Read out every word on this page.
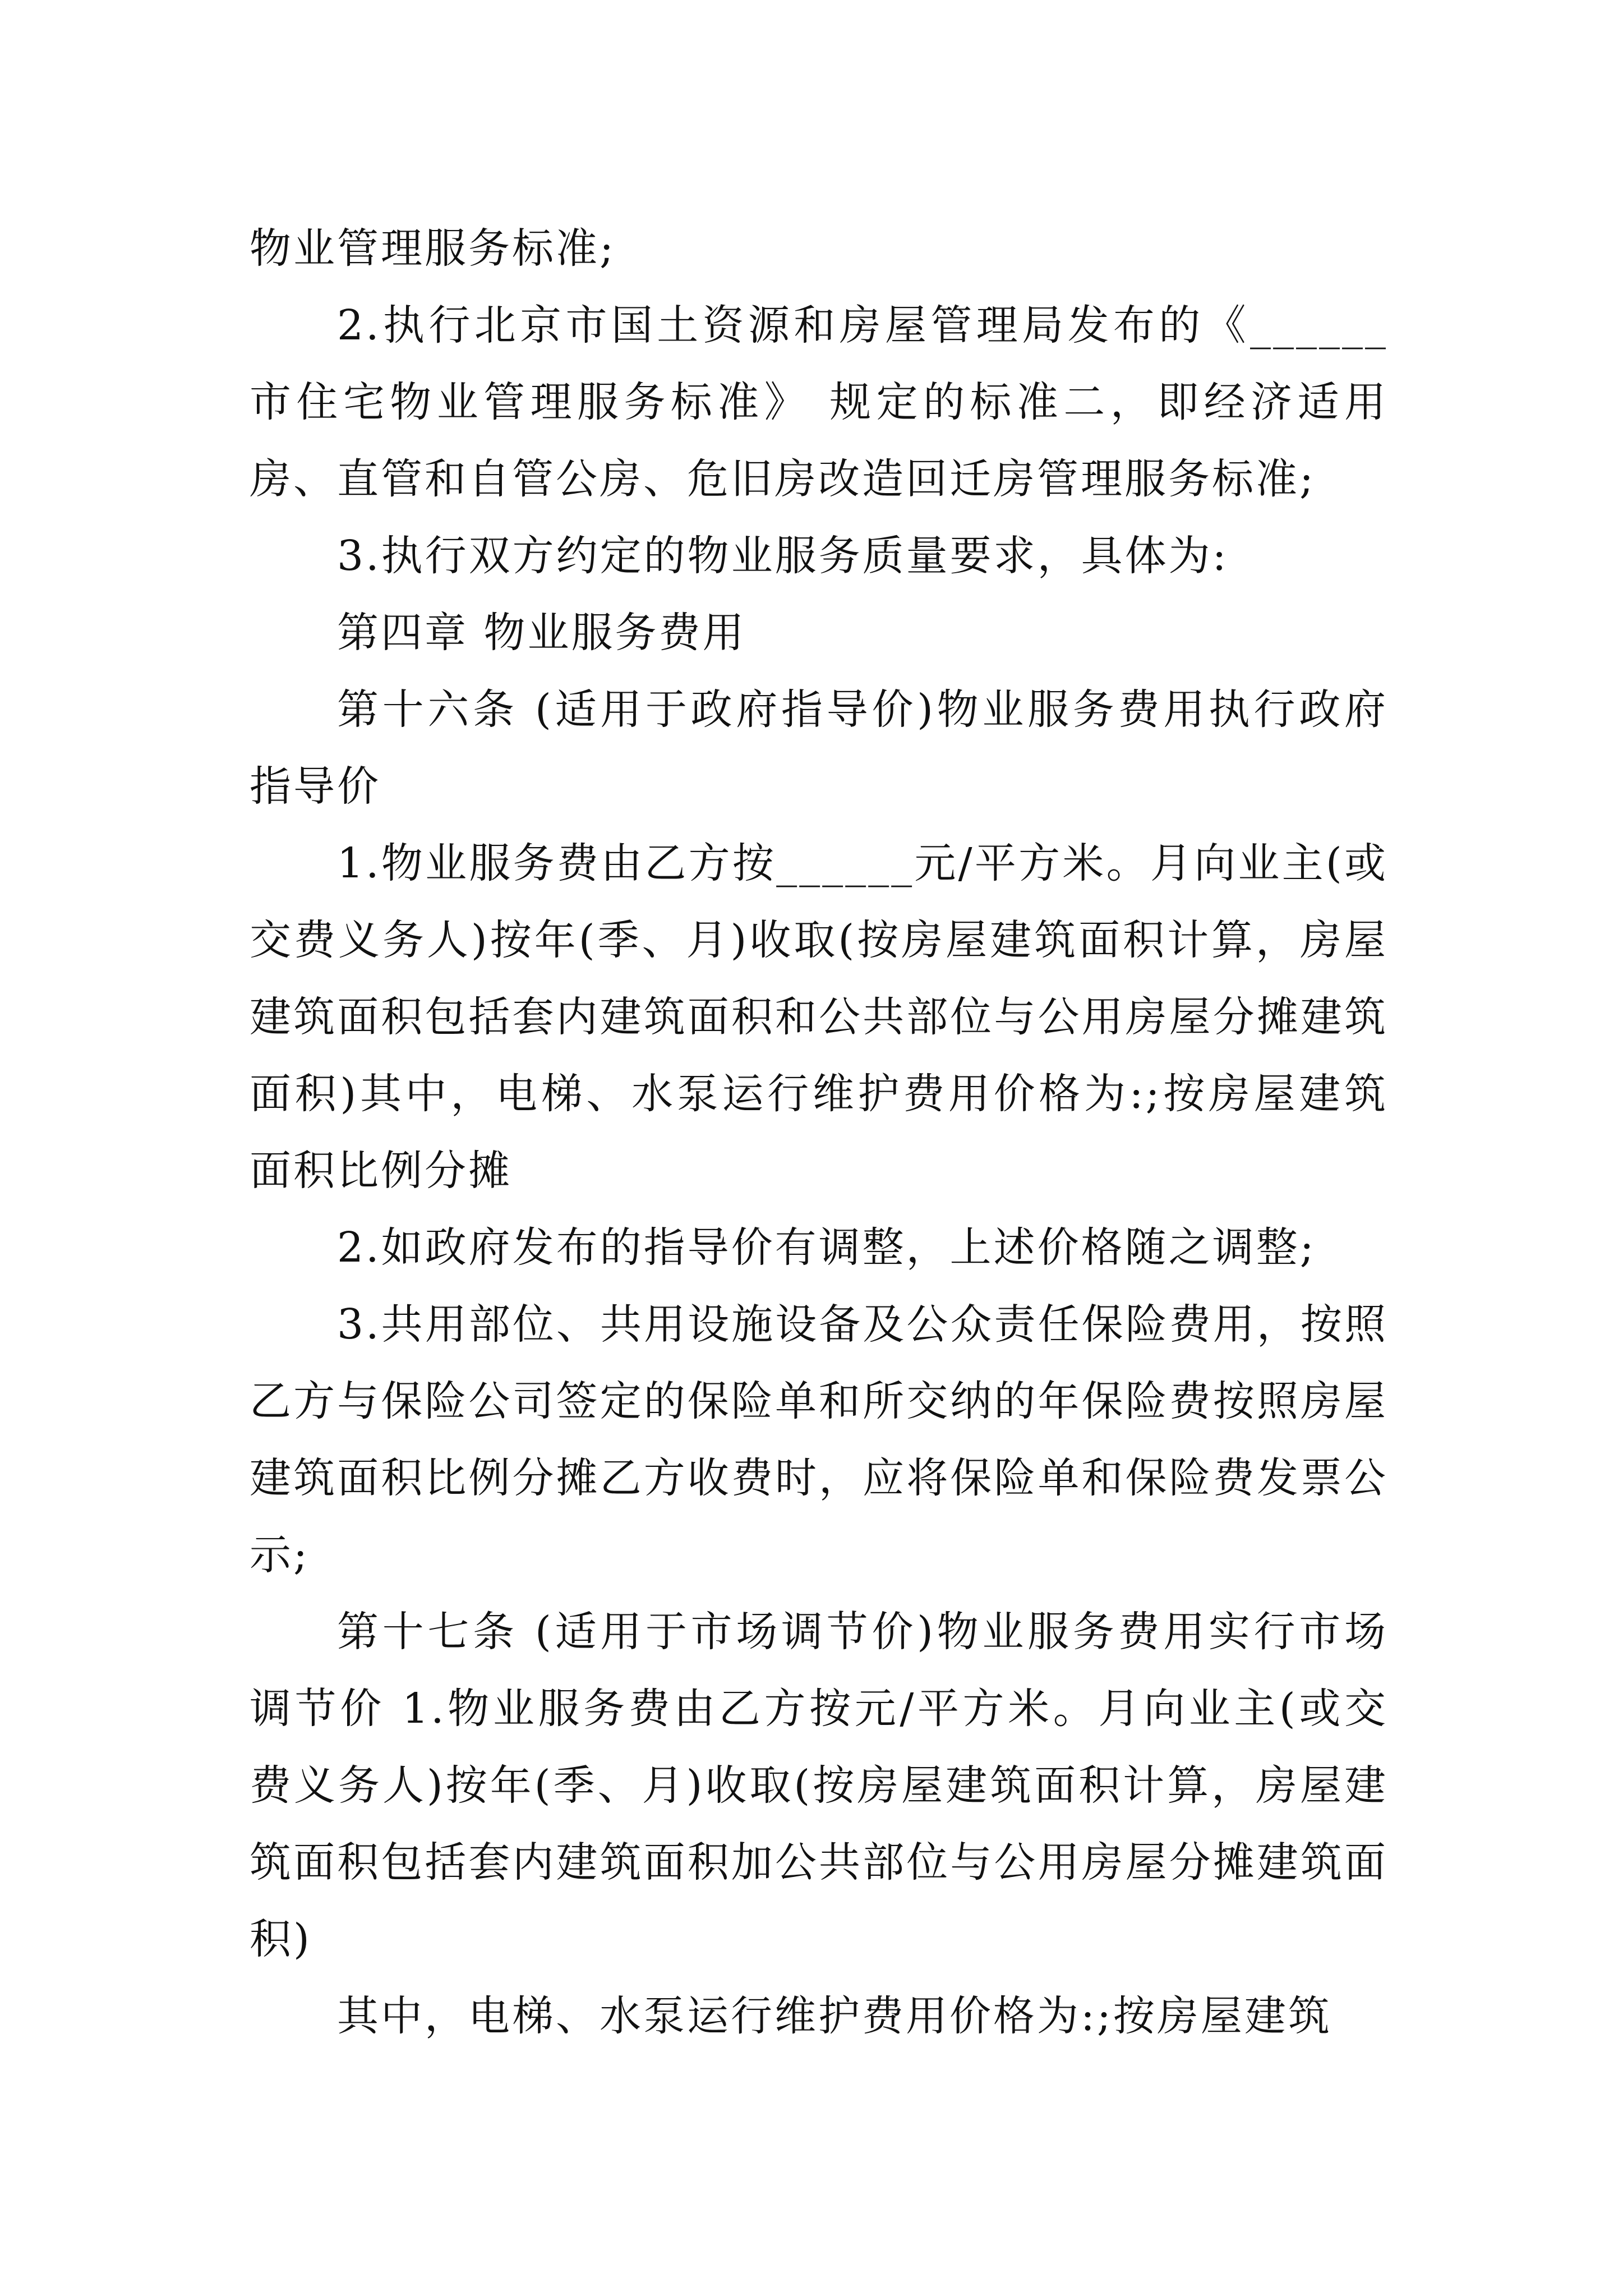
物业管理服务标准;

2.执行北京市国土资源和房屋管理局发布的《______市住宅物业管理服务标准》 规定的标准二，即经济适用房、直管和自管公房、危旧房改造回迁房管理服务标准;

3.执行双方约定的物业服务质量要求，具体为:

第四章 物业服务费用

第十六条 (适用于政府指导价)物业服务费用执行政府指导价

1.物业服务费由乙方按______元/平方米。月向业主(或交费义务人)按年(季、月)收取(按房屋建筑面积计算，房屋建筑面积包括套内建筑面积和公共部位与公用房屋分摊建筑面积)其中，电梯、水泵运行维护费用价格为:;按房屋建筑面积比例分摊

2.如政府发布的指导价有调整，上述价格随之调整;

3.共用部位、共用设施设备及公众责任保险费用，按照乙方与保险公司签定的保险单和所交纳的年保险费按照房屋建筑面积比例分摊乙方收费时，应将保险单和保险费发票公示;

第十七条 (适用于市场调节价)物业服务费用实行市场调节价 1.物业服务费由乙方按元/平方米。月向业主(或交费义务人)按年(季、月)收取(按房屋建筑面积计算，房屋建筑面积包括套内建筑面积加公共部位与公用房屋分摊建筑面积)

其中，电梯、水泵运行维护费用价格为:;按房屋建筑
